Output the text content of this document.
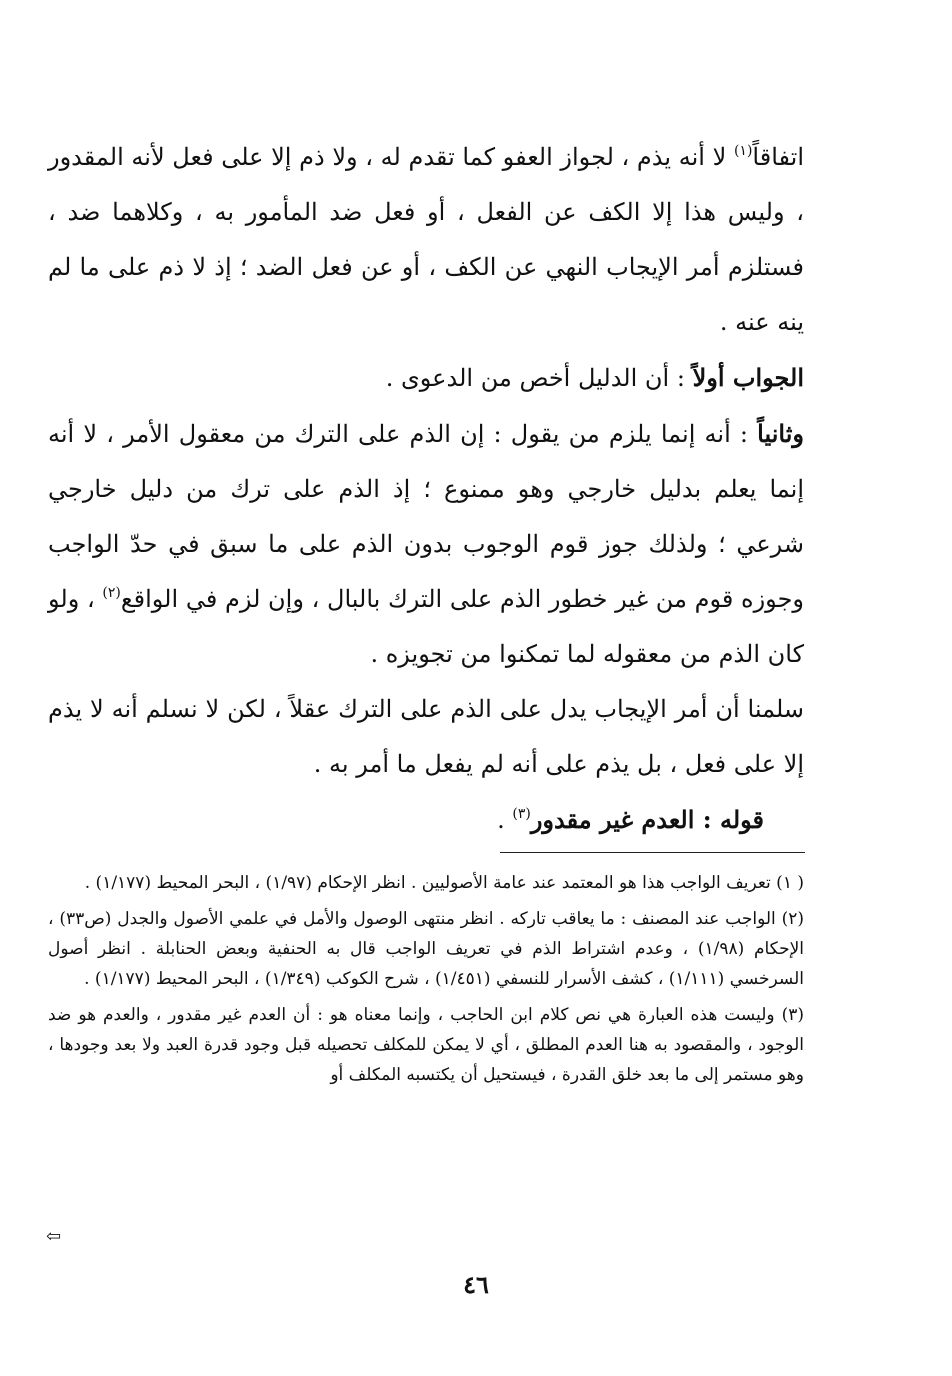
اتفاقاً$^{(١)}$ لا أنه يذم ، لجواز العفو كما تقدم له ، ولا ذم إلا على فعل لأنه المقدور ، وليس هذا إلا الكف عن الفعل ، أو فعل ضد المأمور به ، وكلاهما ضد ، فستلزم أمر الإيجاب النهي عن الكف ، أو عن فعل الضد ؛ إذ لا ذم على ما لم ينه عنه .

الجواب أولاً : أن الدليل أخص من الدعوى .

وثانياً : أنه إنما يلزم من يقول : إن الذم على الترك من معقول الأمر ، لا أنه إنما يعلم بدليل خارجي وهو ممنوع ؛ إذ الذم على ترك من دليل خارجي شرعي ؛ ولذلك جوز قوم الوجوب بدون الذم على ما سبق في حدّ الواجب وجوزه قوم من غير خطور الذم على الترك بالبال ، وإن لزم في الواقع$^{(٢)}$ ، ولو كان الذم من معقوله لما تمكنوا من تجويزه .

سلمنا أن أمر الإيجاب يدل على الذم على الترك عقلاً ، لكن لا نسلم أنه لا يذم إلا على فعل ، بل يذم على أنه لم يفعل ما أمر به .

قوله : العدم غير مقدور$^{(٣)}$ .

( ١) تعريف الواجب هذا هو المعتمد عند عامة الأصوليين . انظر الإحكام (١/٩٧) ، البحر المحيط (١/١٧٧) .

(٢) الواجب عند المصنف : ما يعاقب تاركه . انظر منتهى الوصول والأمل في علمي الأصول والجدل (ص٣٣) ، الإحكام (١/٩٨) ، وعدم اشتراط الذم في تعريف الواجب قال به الحنفية وبعض الحنابلة . انظر أصول السرخسي (١/١١١) ، كشف الأسرار للنسفي (١/٤٥١) ، شرح الكوكب (١/٣٤٩) ، البحر المحيط (١/١٧٧) .

(٣) وليست هذه العبارة هي نص كلام ابن الحاجب ، وإنما معناه هو : أن العدم غير مقدور ، والعدم هو ضد الوجود ، والمقصود به هنا العدم المطلق ، أي لا يمكن للمكلف تحصيله قبل وجود قدرة العبد ولا بعد وجودها ، وهو مستمر إلى ما بعد خلق القدرة ، فيستحيل أن يكتسبه المكلف أو

⇦
٤٦
